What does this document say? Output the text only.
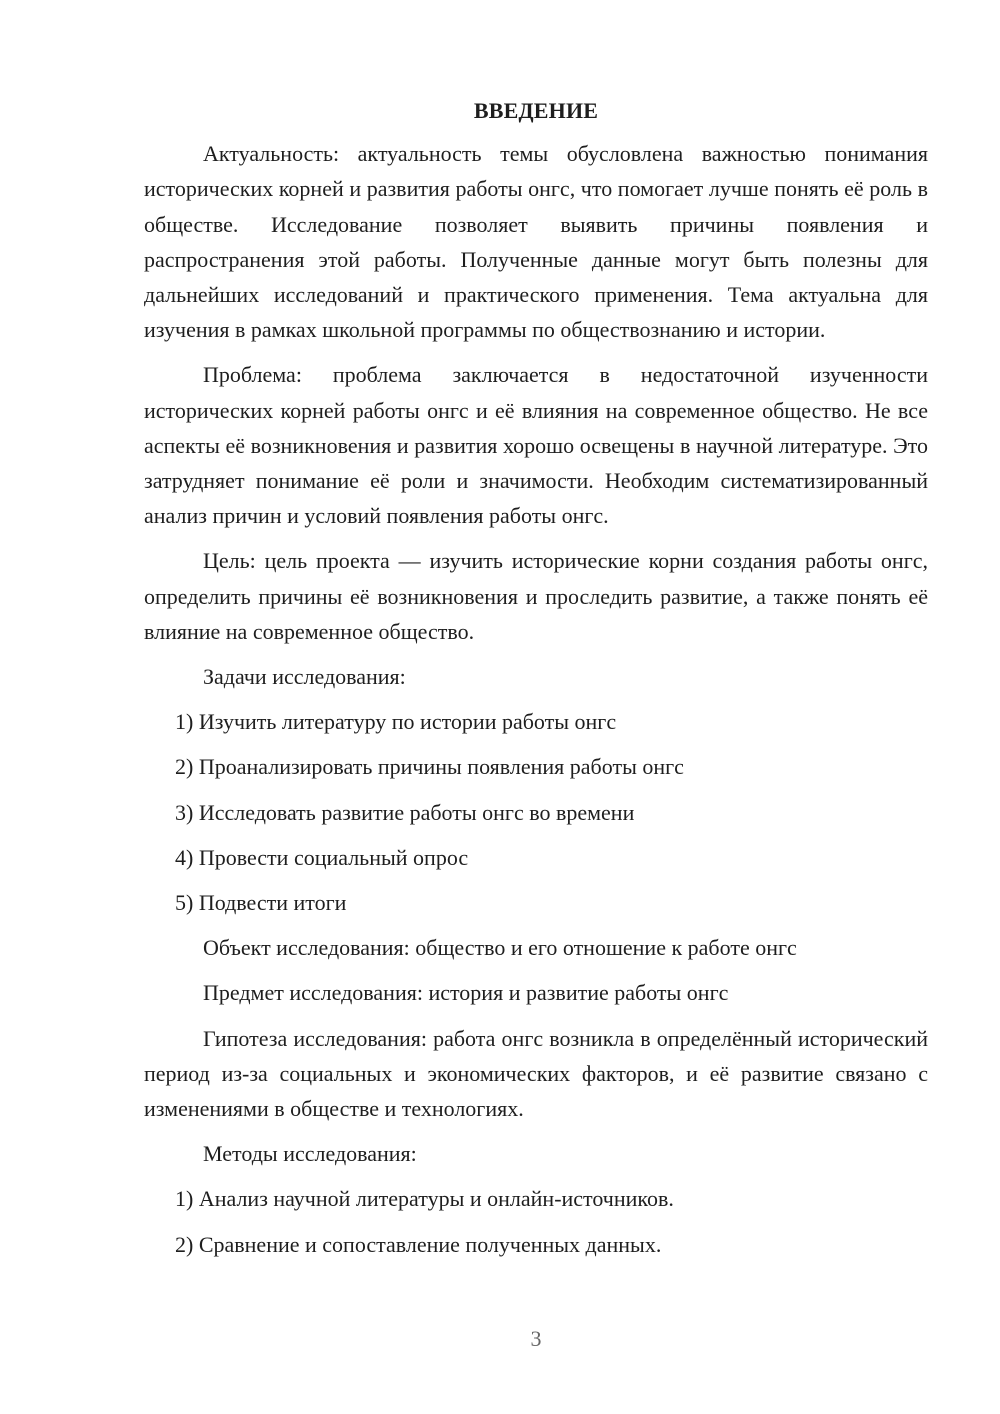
ВВЕДЕНИЕ

Актуальность: актуальность темы обусловлена важностью понимания исторических корней и развития работы онгс, что помогает лучше понять её роль в обществе. Исследование позволяет выявить причины появления и распространения этой работы. Полученные данные могут быть полезны для дальнейших исследований и практического применения. Тема актуальна для изучения в рамках школьной программы по обществознанию и истории.

Проблема: проблема заключается в недостаточной изученности исторических корней работы онгс и её влияния на современное общество. Не все аспекты её возникновения и развития хорошо освещены в научной литературе. Это затрудняет понимание её роли и значимости. Необходим систематизированный анализ причин и условий появления работы онгс.

Цель: цель проекта — изучить исторические корни создания работы онгс, определить причины её возникновения и проследить развитие, а также понять её влияние на современное общество.

Задачи исследования:

1) Изучить литературу по истории работы онгс

2) Проанализировать причины появления работы онгс

3) Исследовать развитие работы онгс во времени

4) Провести социальный опрос

5) Подвести итоги

Объект исследования: общество и его отношение к работе онгс

Предмет исследования: история и развитие работы онгс

Гипотеза исследования: работа онгс возникла в определённый исторический период из-за социальных и экономических факторов, и её развитие связано с изменениями в обществе и технологиях.

Методы исследования:

1) Анализ научной литературы и онлайн-источников.

2) Сравнение и сопоставление полученных данных.

3
